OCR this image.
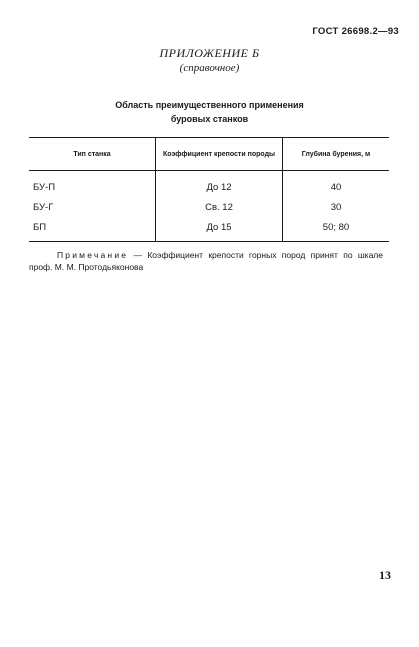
ГОСТ 26698.2—93
ПРИЛОЖЕНИЕ Б
(справочное)
Область преимущественного применения
буровых станков
Тип станка	Коэффициент крепости породы	Глубина бурения, м
БУ-П	До 12	40
БУ-Г	Св. 12	30
БП	До 15	50; 80
Примечание — Коэффициент крепости горных пород принят по шкале проф. М. М. Протодьяконова
13
